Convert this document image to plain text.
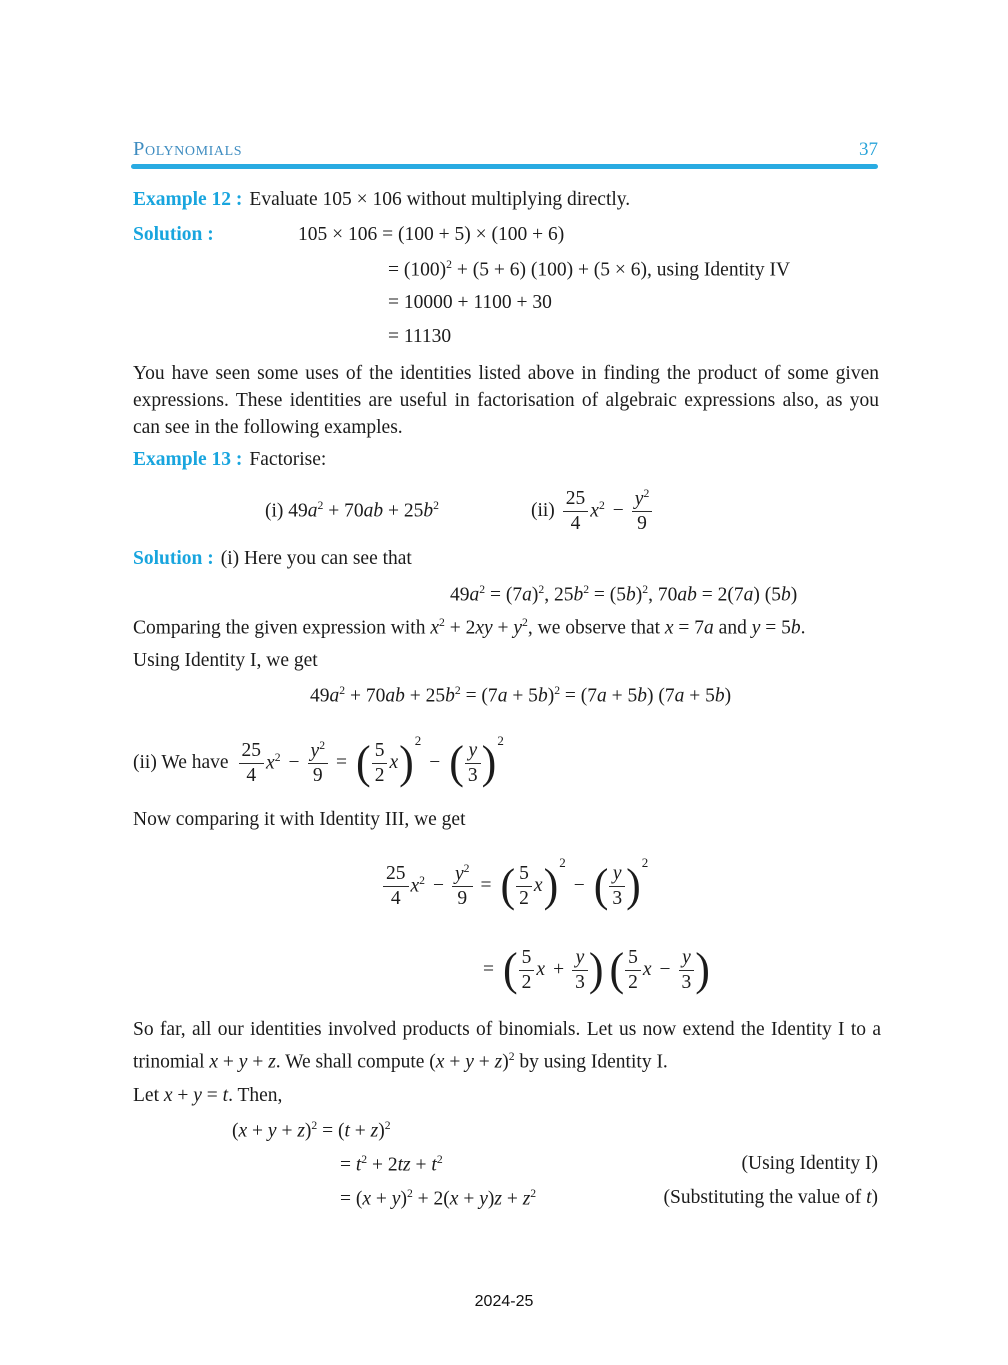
Polynomials	37
Example 12 : Evaluate 105 × 106 without multiplying directly.
Solution :	105 × 106 = (100 + 5) × (100 + 6)
= $(100)^2 + (5 + 6) (100) + (5 \times 6)$, using Identity IV
= 10000 + 1100 + 30
= 11130
You have seen some uses of the identities listed above in finding the product of some given expressions. These identities are useful in factorisation of algebraic expressions also, as you can see in the following examples.
Example 13 : Factorise:
(i) $49a^2 + 70ab + 25b^2$	$(ii) \frac{25}{4} x^2 - \frac{y^2}{9}$
Solution : (i) Here you can see that
$49a^2 = (7a)^2$, $25b^2 = (5b)^2$, 70ab = 2(7a) (5b)
Comparing the given expression with $x^2 + 2xy + y^2$, we observe that x = 7a and y = 5b.
Using Identity I, we get
$49a^2 + 70ab + 25b^2 = (7a + 5b)^2 = (7a + 5b) (7a + 5b)$
(ii) We have $\frac{25}{4} x^2 - \frac{y^2}{9}$ = ( $\frac{5}{2}$ x ) 2
− ( $\frac{y}{3}$ ) 2
Now comparing it with Identity III, we get
$\frac{25}{4} x^2 - \frac{y^2}{9}$ = ( $\frac{5}{2}$ x ) 2
− ( $\frac{y}{3}$ ) 2
= ( $\frac{5}{2}$ $x + \frac{y}{3}$ ) ( $\frac{5}{2}$ $x - \frac{y}{3}$ )
So far, all our identities involved products of binomials. Let us now extend the Identity I to a trinomial x + y + z. We shall compute $(x + y + z)^2$ by using Identity I.
Let x + y = t. Then,
$(x + y + z)^2 = (t + z)^2$
= $t^2 + 2tz + t^2$	(Using Identity I)
= $(x + y)^2 + 2(x + y)z + z^2$	(Substituting the value of t)
2024-25
